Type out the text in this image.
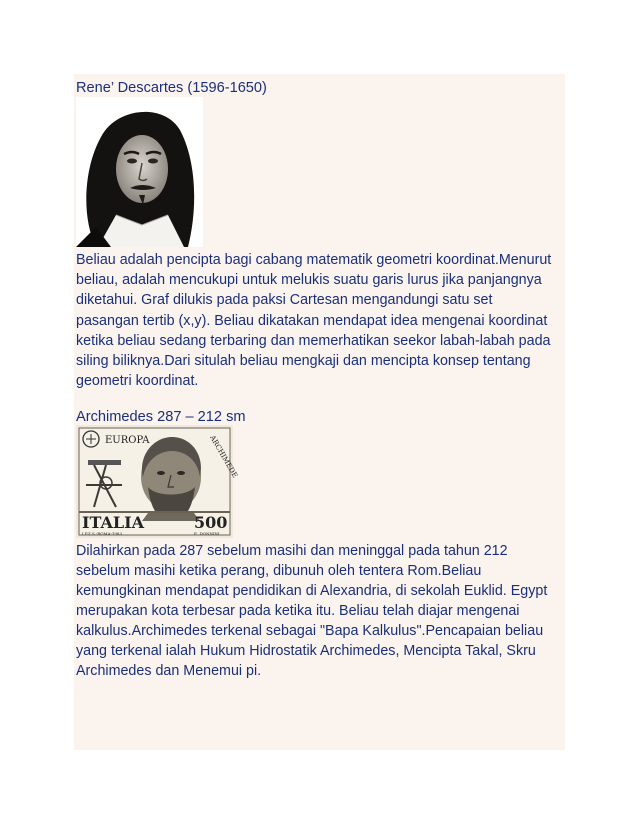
Rene’ Descartes (1596-1650)

Beliau adalah pencipta bagi cabang matematik geometri koordinat.Menurut

beliau, adalah mencukupi untuk melukis suatu garis lurus jika panjangnya

diketahui. Graf dilukis pada paksi Cartesan mengandungi satu set

pasangan tertib (x,y). Beliau dikatakan mendapat idea mengenai koordinat

ketika beliau sedang terbaring dan memerhatikan seekor labah-labah pada

siling biliknya.Dari situlah beliau mengkaji dan mencipta konsep tentang

geometri koordinat.

Archimedes 287 – 212 sm

EUROPA	ARCHIMEDE
ITALIA	500
I.P.Z.S.-ROMA-1983	E. DONNINI

Dilahirkan pada 287 sebelum masihi dan meninggal pada tahun 212

sebelum masihi ketika perang, dibunuh oleh tentera Rom.Beliau

kemungkinan mendapat pendidikan di Alexandria, di sekolah Euklid. Egypt

merupakan kota terbesar pada ketika itu. Beliau telah diajar mengenai

kalkulus.Archimedes terkenal sebagai "Bapa Kalkulus".Pencapaian beliau

yang terkenal ialah Hukum Hidrostatik Archimedes, Mencipta Takal, Skru

Archimedes dan Menemui pi.
